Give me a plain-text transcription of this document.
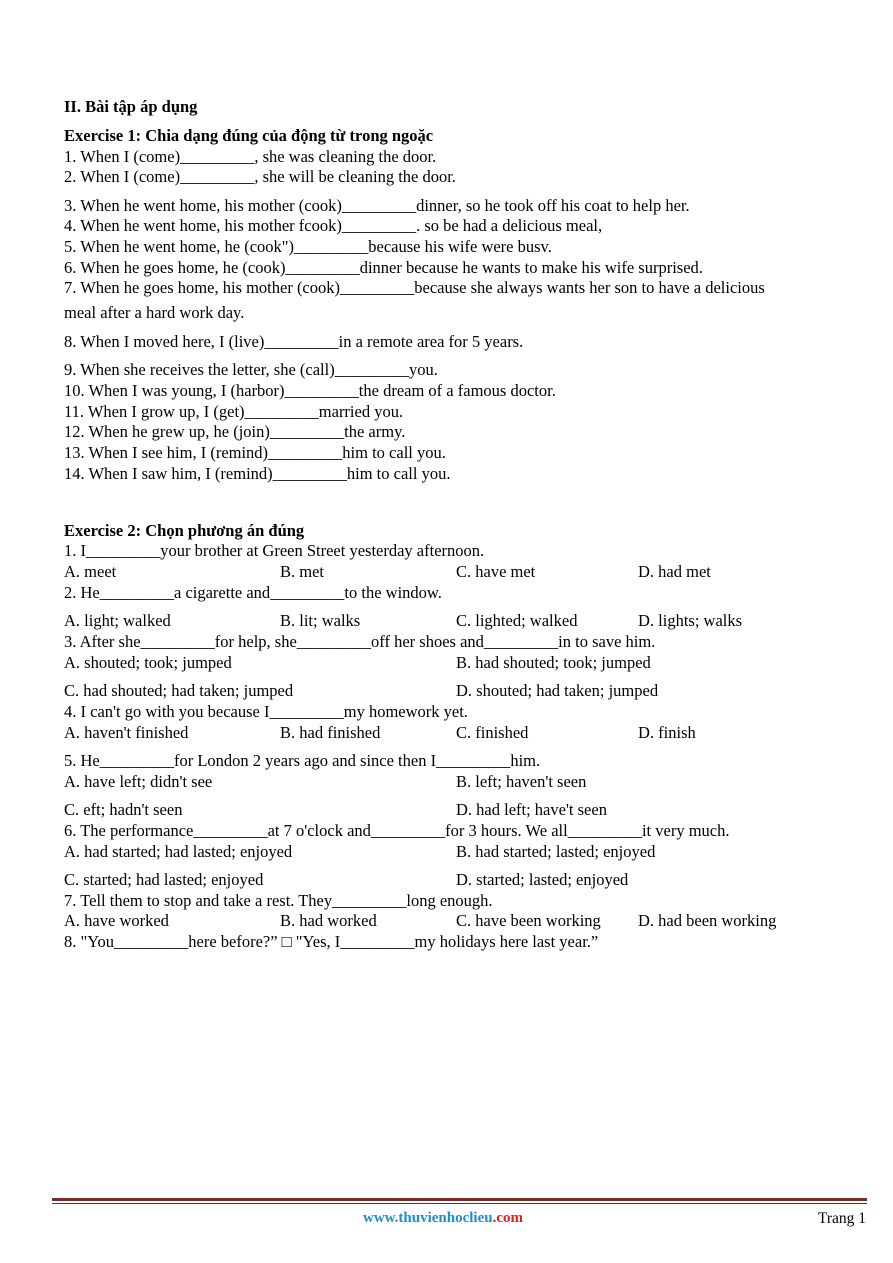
II. Bài tập áp dụng
Exercise 1: Chia dạng đúng của động từ trong ngoặc
1. When I (come)_________, she was cleaning the door.
2. When I (come)_________, she will be cleaning the door.
3. When he went home, his mother (cook)_________dinner, so he took off his coat to help her.
4. When he went home, his mother fcook)_________. so be had a delicious meal,
5. When he went home, he (cook")_________because his wife were busv.
6. When he goes home, he (cook)_________dinner because he wants to make his wife surprised.
7. When he goes home, his mother (cook)_________because she always wants her son to have a delicious
meal after a hard work day.
8. When I moved here, I (live)_________in a remote area for 5 years.
9. When she receives the letter, she (call)_________you.
10. When I was young, I (harbor)_________the dream of a famous doctor.
11. When I grow up, I (get)_________married you.
12. When he grew up, he (join)_________the army.
13. When I see him, I (remind)_________him to call you.
14. When I saw him, I (remind)_________him to call you.
Exercise 2: Chọn phương án đúng
1. I_________your brother at Green Street yesterday afternoon.
A. meet	B. met	C. have met	D. had met
2. He_________a cigarette and_________to the window.
A. light; walked	B. lit; walks	C. lighted; walked	D. lights; walks
3. After she_________for help, she_________off her shoes and_________in to save him.
A. shouted; took; jumped	B. had shouted; took; jumped
C. had shouted; had taken; jumped	D. shouted; had taken; jumped
4. I can't go with you because I_________my homework yet.
A. haven't finished	B. had finished	C. finished	D. finish
5. He_________for London 2 years ago and since then I_________him.
A. have left; didn't see	B. left; haven't seen
C. eft; hadn't seen	D. had left; have't seen
6. The performance_________at 7 o'clock and_________for 3 hours. We all_________it very much.
A. had started; had lasted; enjoyed	B. had started; lasted; enjoyed
C. started; had lasted; enjoyed	D. started; lasted; enjoyed
7. Tell them to stop and take a rest. They_________long enough.
A. have worked	B. had worked	C. have been working D. had been working
8. "You_________here before?” □ "Yes, I_________my holidays here last year.”
www.thuvienhoclieu.com	Trang 1
